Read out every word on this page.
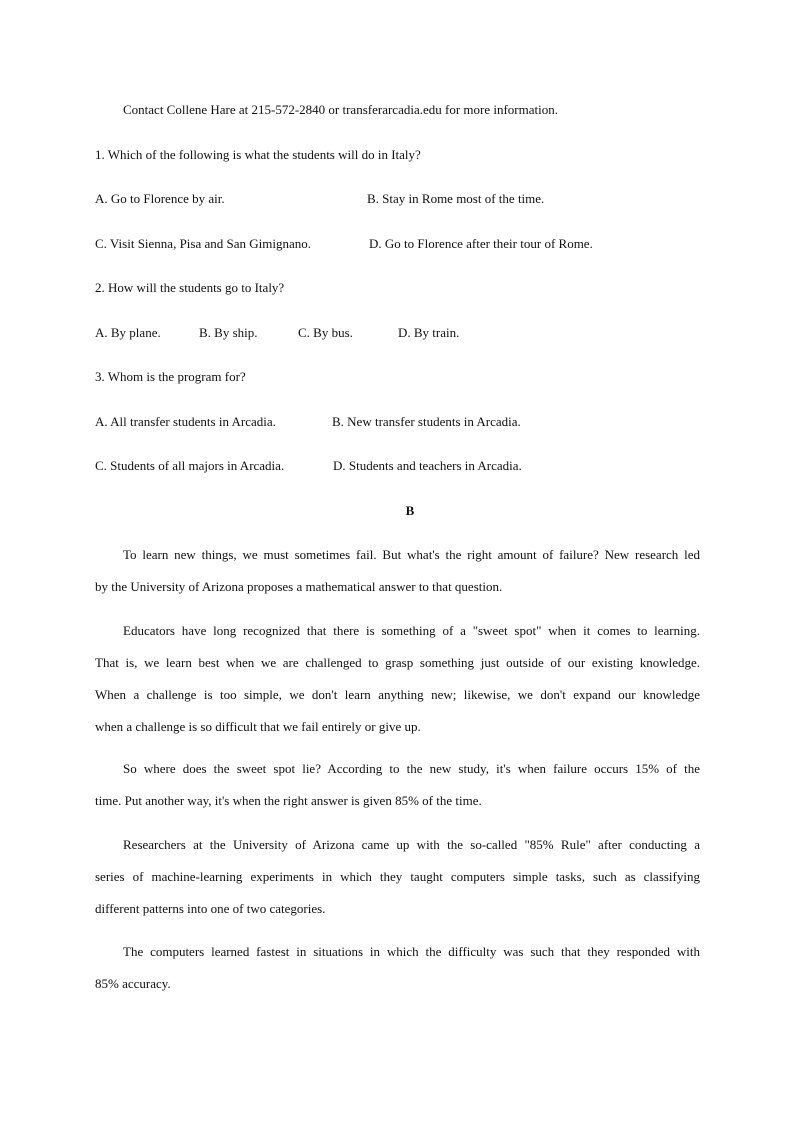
Contact Collene Hare at 215-572-2840 or transferarcadia.edu for more information.
1. Which of the following is what the students will do in Italy?
A. Go to Florence by air.	B. Stay in Rome most of the time.
C. Visit Sienna, Pisa and San Gimignano.	D. Go to Florence after their tour of Rome.
2. How will the students go to Italy?
A. By plane.	B. By ship.	C. By bus.	D. By train.
3. Whom is the program for?
A. All transfer students in Arcadia.	B. New transfer students in Arcadia.
C. Students of all majors in Arcadia.	D. Students and teachers in Arcadia.
B
To learn new things, we must sometimes fail. But what's the right amount of failure? New research led
by the University of Arizona proposes a mathematical answer to that question.
Educators have long recognized that there is something of a "sweet spot" when it comes to learning.
That is, we learn best when we are challenged to grasp something just outside of our existing knowledge.
When a challenge is too simple, we don't learn anything new; likewise, we don't expand our knowledge
when a challenge is so difficult that we fail entirely or give up.
So where does the sweet spot lie? According to the new study, it's when failure occurs 15% of the
time. Put another way, it's when the right answer is given 85% of the time.
Researchers at the University of Arizona came up with the so-called "85% Rule" after conducting a
series of machine-learning experiments in which they taught computers simple tasks, such as classifying
different patterns into one of two categories.
The computers learned fastest in situations in which the difficulty was such that they responded with
85% accuracy.
